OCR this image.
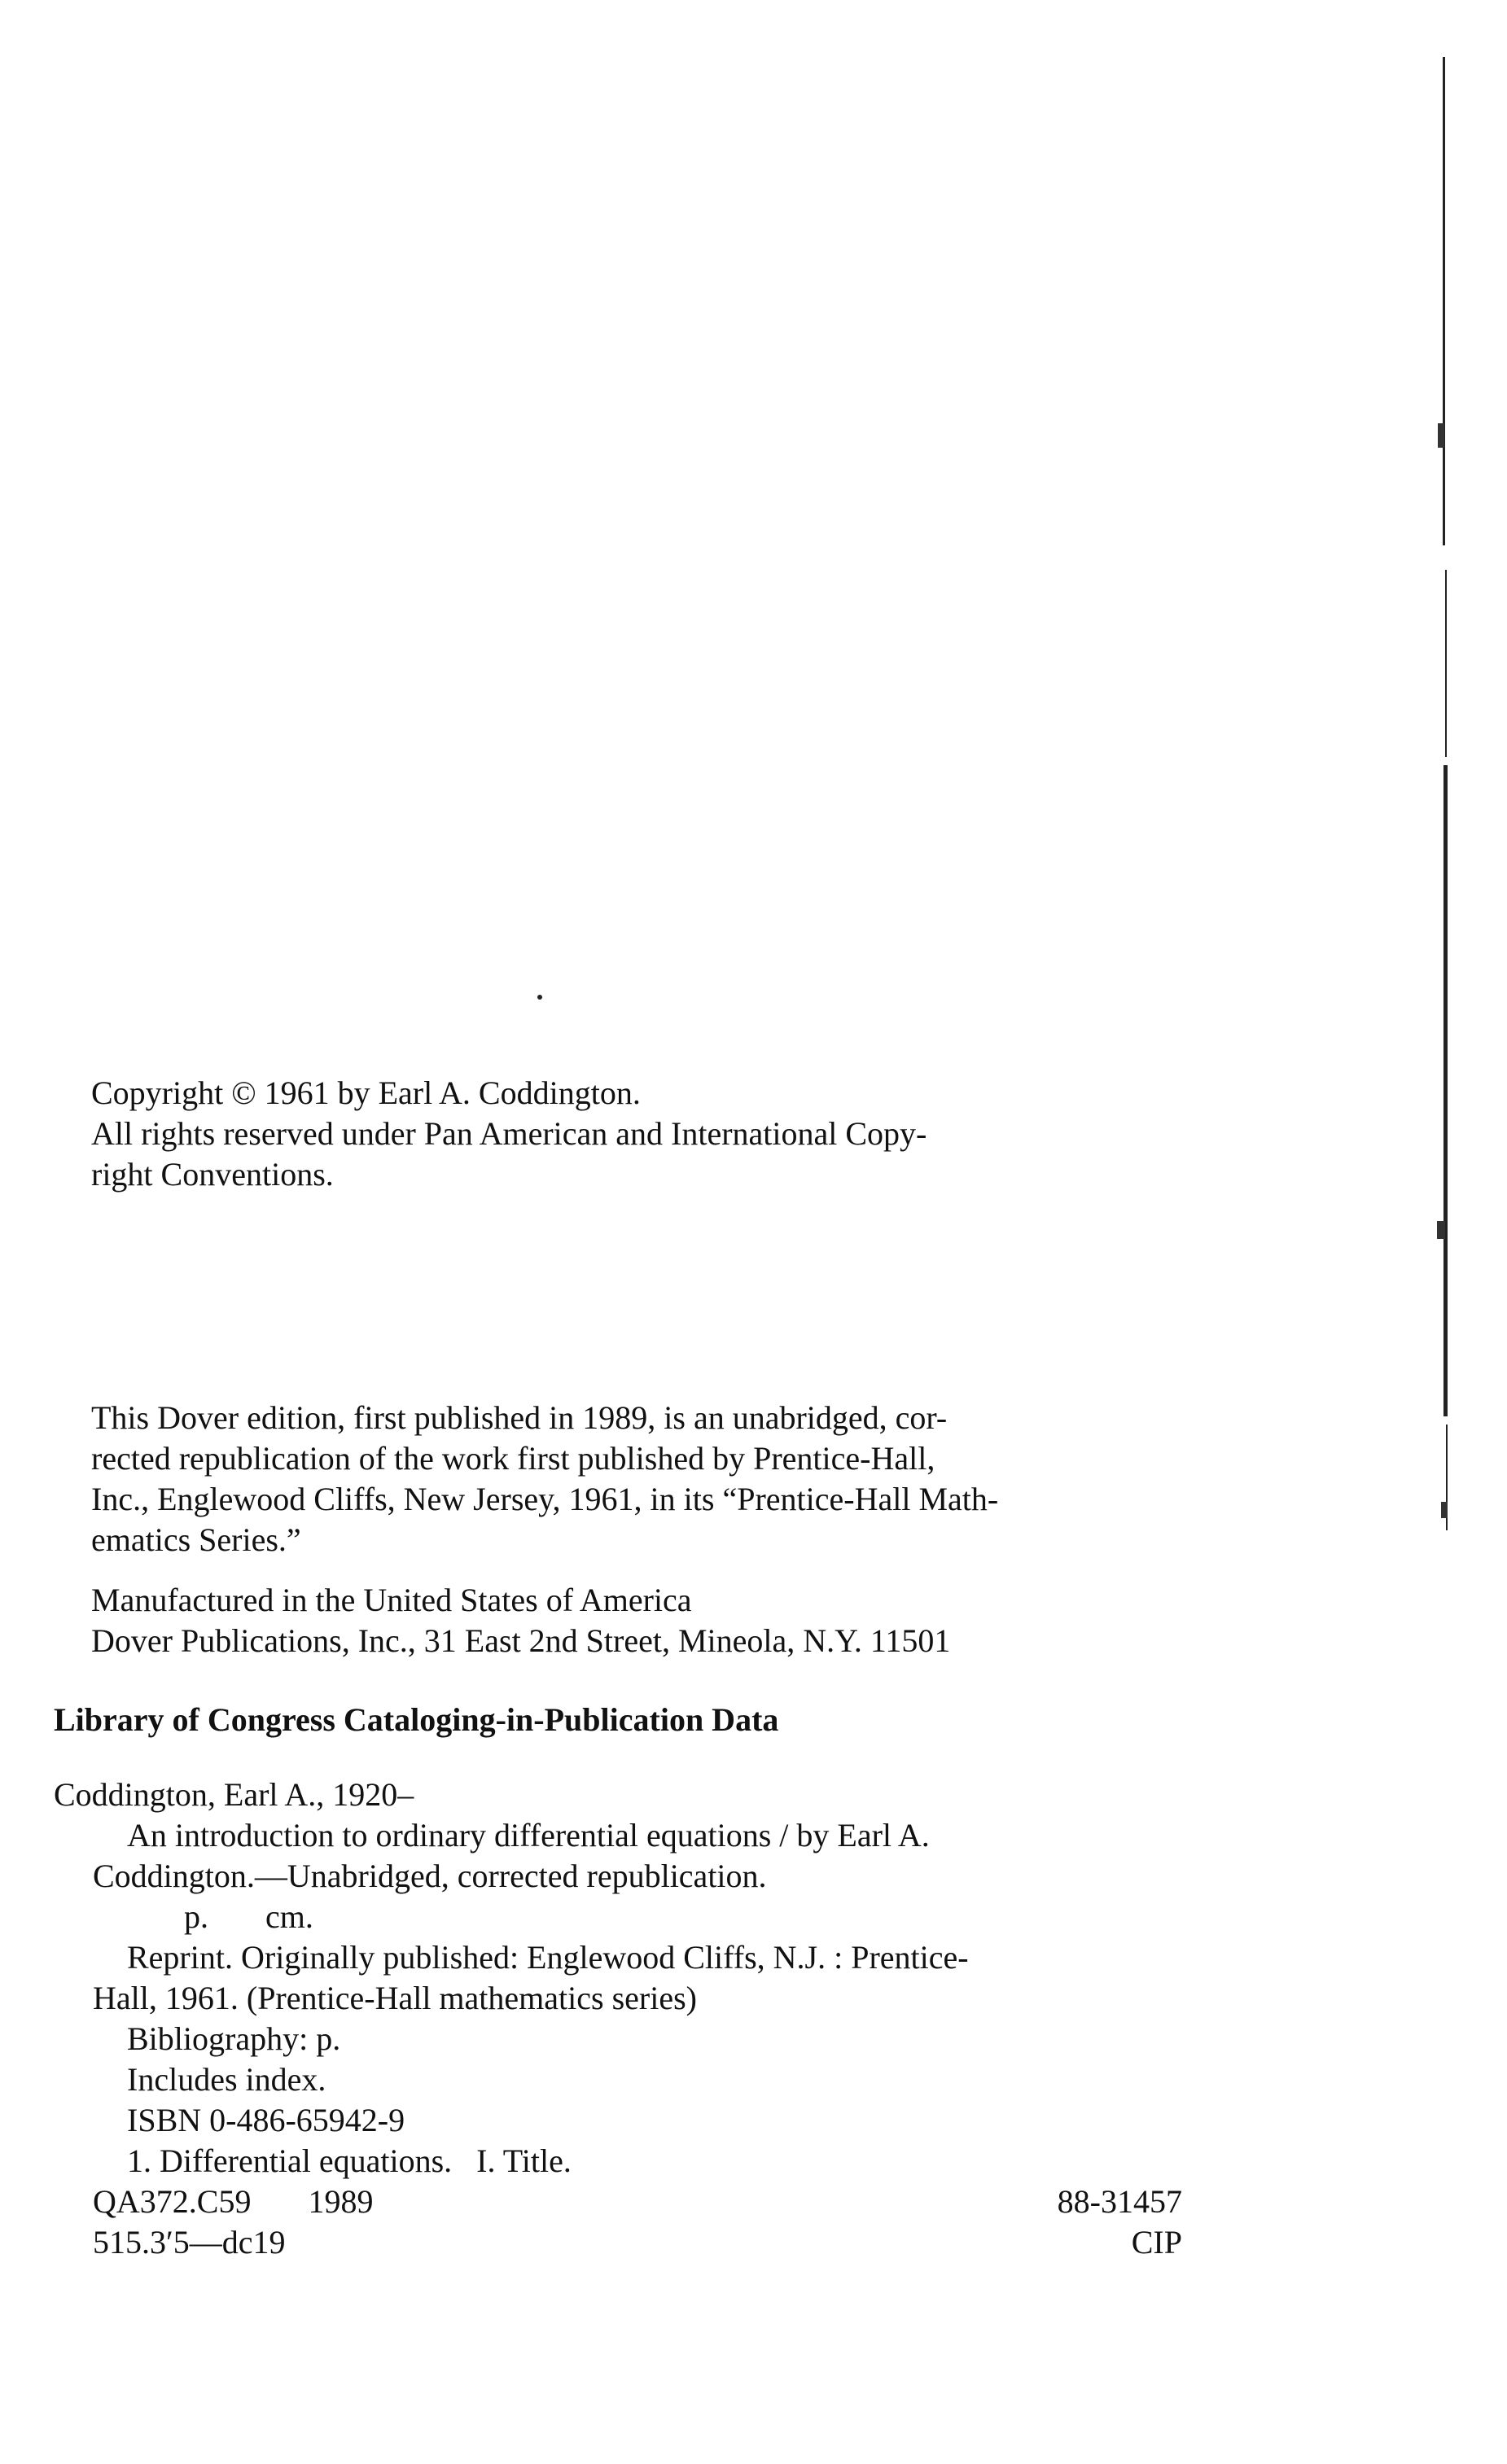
Copyright © 1961 by Earl A. Coddington.
All rights reserved under Pan American and International Copy-
right Conventions.
This Dover edition, first published in 1989, is an unabridged, cor-
rected republication of the work first published by Prentice-Hall,
Inc., Englewood Cliffs, New Jersey, 1961, in its “Prentice-Hall Math-
ematics Series.”
Manufactured in the United States of America
Dover Publications, Inc., 31 East 2nd Street, Mineola, N.Y. 11501
Library of Congress Cataloging-in-Publication Data
Coddington, Earl A., 1920–
An introduction to ordinary differential equations / by Earl A.
Coddington.—Unabridged, corrected republication.
p. cm.
Reprint. Originally published: Englewood Cliffs, N.J. : Prentice-
Hall, 1961. (Prentice-Hall mathematics series)
Bibliography: p.
Includes index.
ISBN 0-486-65942-9
1. Differential equations.   I. Title.
QA372.C59 1989	88-31457
515.3′5—dc19	CIP
